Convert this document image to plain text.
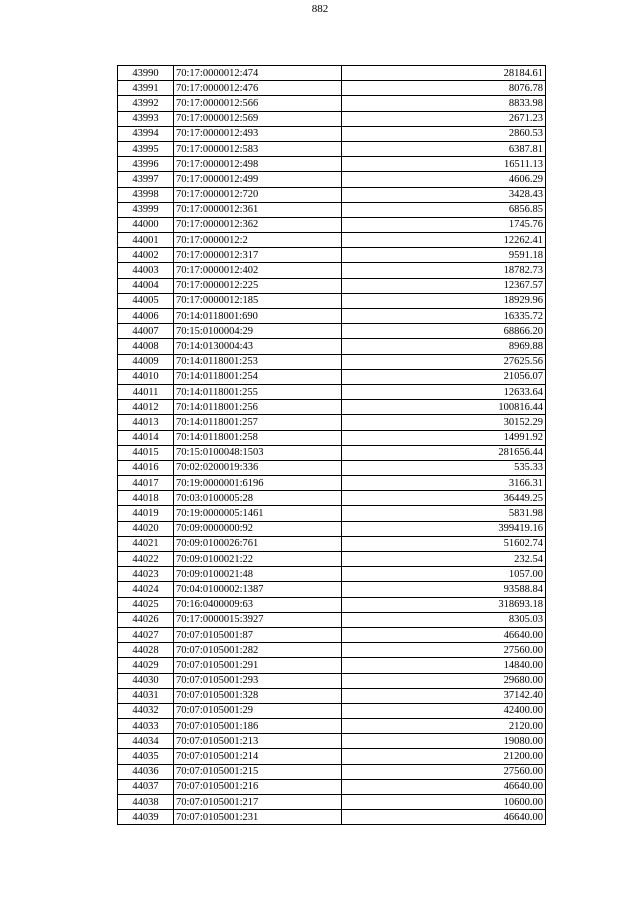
882
43990	70:17:0000012:474	28184.61
43991	70:17:0000012:476	8076.78
43992	70:17:0000012:566	8833.98
43993	70:17:0000012:569	2671.23
43994	70:17:0000012:493	2860.53
43995	70:17:0000012:583	6387.81
43996	70:17:0000012:498	16511.13
43997	70:17:0000012:499	4606.29
43998	70:17:0000012:720	3428.43
43999	70:17:0000012:361	6856.85
44000	70:17:0000012:362	1745.76
44001	70:17:0000012:2	12262.41
44002	70:17:0000012:317	9591.18
44003	70:17:0000012:402	18782.73
44004	70:17:0000012:225	12367.57
44005	70:17:0000012:185	18929.96
44006	70:14:0118001:690	16335.72
44007	70:15:0100004:29	68866.20
44008	70:14:0130004:43	8969.88
44009	70:14:0118001:253	27625.56
44010	70:14:0118001:254	21056.07
44011	70:14:0118001:255	12633.64
44012	70:14:0118001:256	100816.44
44013	70:14:0118001:257	30152.29
44014	70:14:0118001:258	14991.92
44015	70:15:0100048:1503	281656.44
44016	70:02:0200019:336	535.33
44017	70:19:0000001:6196	3166.31
44018	70:03:0100005:28	36449.25
44019	70:19:0000005:1461	5831.98
44020	70:09:0000000:92	399419.16
44021	70:09:0100026:761	51602.74
44022	70:09:0100021:22	232.54
44023	70:09:0100021:48	1057.00
44024	70:04:0100002:1387	93588.84
44025	70:16:0400009:63	318693.18
44026	70:17:0000015:3927	8305.03
44027	70:07:0105001:87	46640.00
44028	70:07:0105001:282	27560.00
44029	70:07:0105001:291	14840.00
44030	70:07:0105001:293	29680.00
44031	70:07:0105001:328	37142.40
44032	70:07:0105001:29	42400.00
44033	70:07:0105001:186	2120.00
44034	70:07:0105001:213	19080.00
44035	70:07:0105001:214	21200.00
44036	70:07:0105001:215	27560.00
44037	70:07:0105001:216	46640.00
44038	70:07:0105001:217	10600.00
44039	70:07:0105001:231	46640.00
